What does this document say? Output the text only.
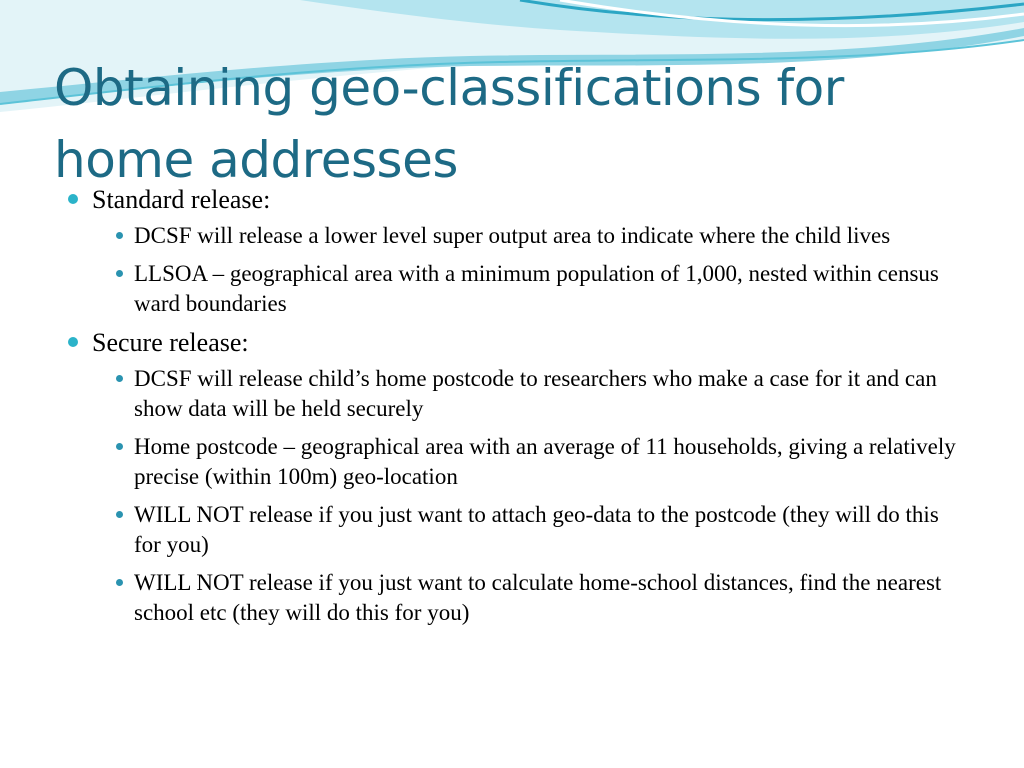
Obtaining geo-classifications for home addresses
Standard release:
DCSF will release a lower level super output area to indicate where the child lives
LLSOA – geographical area with a minimum population of 1,000, nested within census ward boundaries
Secure release:
DCSF will release child’s home postcode to researchers who make a case for it and can show data will be held securely
Home postcode – geographical area with an average of 11 households, giving a relatively precise (within 100m) geo-location
WILL NOT release if you just want to attach geo-data to the postcode (they will do this for you)
WILL NOT release if you just want to calculate home-school distances, find the nearest school etc (they will do this for you)
